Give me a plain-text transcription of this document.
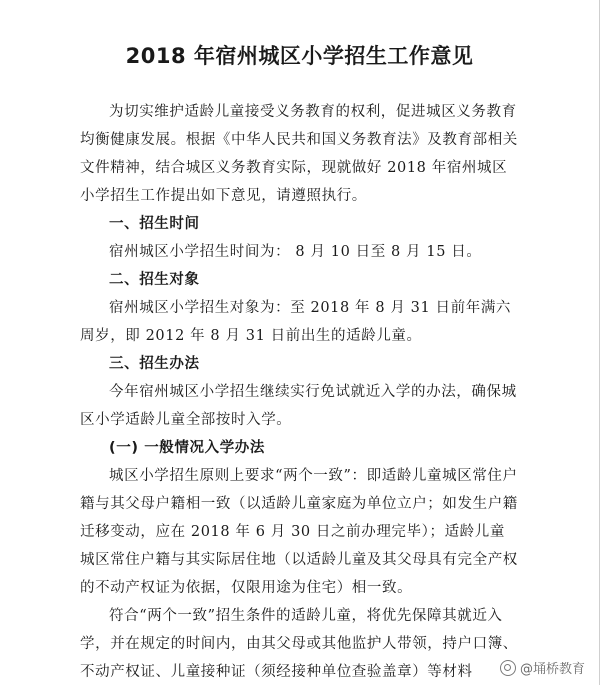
2018 年宿州城区小学招生工作意见

为切实维护适龄儿童接受义务教育的权利，促进城区义务教育均衡健康发展。根据《中华人民共和国义务教育法》及教育部相关文件精神，结合城区义务教育实际，现就做好 2018 年宿州城区小学招生工作提出如下意见，请遵照执行。

一、招生时间

宿州城区小学招生时间为： 8 月 10 日至 8 月 15 日。

二、招生对象

宿州城区小学招生对象为：至 2018 年 8 月 31 日前年满六周岁，即 2012 年 8 月 31 日前出生的适龄儿童。

三、招生办法

今年宿州城区小学招生继续实行免试就近入学的办法，确保城区小学适龄儿童全部按时入学。

(一) 一般情况入学办法

城区小学招生原则上要求“两个一致”：即适龄儿童城区常住户籍与其父母户籍相一致（以适龄儿童家庭为单位立户；如发生户籍迁移变动，应在 2018 年 6 月 30 日之前办理完毕）；适龄儿童城区常住户籍与其实际居住地（以适龄儿童及其父母具有完全产权的不动产权证为依据，仅限用途为住宅）相一致。

符合“两个一致”招生条件的适龄儿童，将优先保障其就近入学，并在规定的时间内，由其父母或其他监护人带领，持户口簿、不动产权证、儿童接种证（须经接种单位查验盖章）等材料	@埇桥教育
